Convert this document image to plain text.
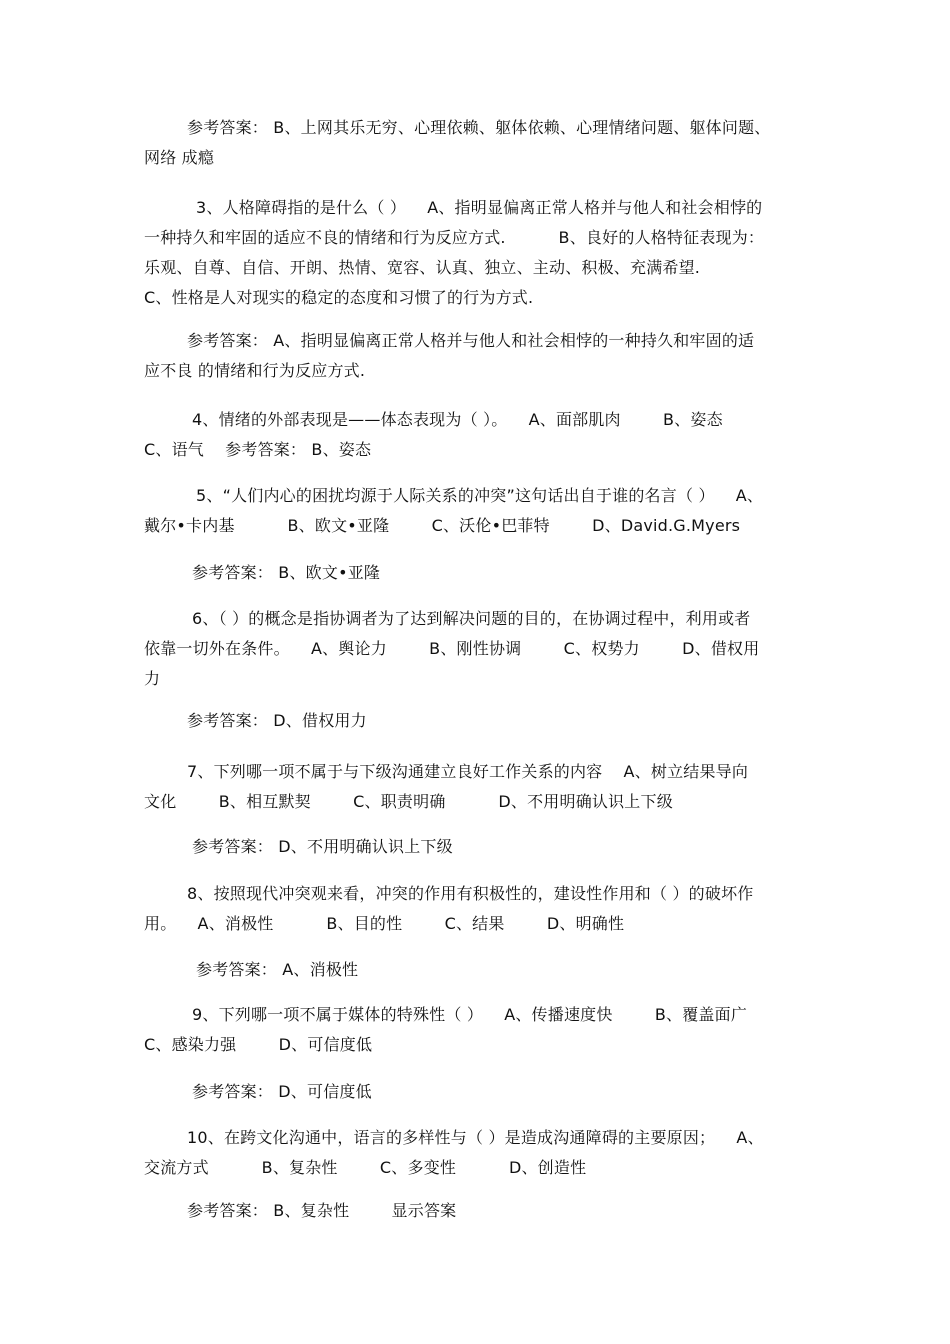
参考答案： B、上网其乐无穷、心理依赖、躯体依赖、心理情绪问题、躯体问题、
网络 成瘾
3、人格障碍指的是什么（ ）    A、指明显偏离正常人格并与他人和社会相悖的
一种持久和牢固的适应不良的情绪和行为反应方式.          B、良好的人格特征表现为：
乐观、自尊、自信、开朗、热情、宽容、认真、独立、主动、积极、充满希望.
C、性格是人对现实的稳定的态度和习惯了的行为方式.
参考答案： A、指明显偏离正常人格并与他人和社会相悖的一种持久和牢固的适
应不良 的情绪和行为反应方式.
4、情绪的外部表现是——体态表现为（ ）。    A、面部肌肉        B、姿态
C、语气    参考答案： B、姿态
5、“人们内心的困扰均源于人际关系的冲突”这句话出自于谁的名言（ ）    A、
戴尔•卡内基          B、欧文•亚隆        C、沃伦•巴菲特        D、David.G.Myers
参考答案： B、欧文•亚隆
6、（ ）的概念是指协调者为了达到解决问题的目的，在协调过程中，利用或者
依靠一切外在条件。    A、舆论力        B、刚性协调        C、权势力        D、借权用
力
参考答案： D、借权用力
7、下列哪一项不属于与下级沟通建立良好工作关系的内容    A、树立结果导向
文化        B、相互默契        C、职责明确          D、不用明确认识上下级
参考答案： D、不用明确认识上下级
8、按照现代冲突观来看，冲突的作用有积极性的，建设性作用和（ ）的破坏作
用。    A、消极性          B、目的性        C、结果        D、明确性
参考答案： A、消极性
9、下列哪一项不属于媒体的特殊性（ ）    A、传播速度快        B、覆盖面广
C、感染力强        D、可信度低
参考答案： D、可信度低
10、在跨文化沟通中，语言的多样性与（ ）是造成沟通障碍的主要原因；    A、
交流方式          B、复杂性        C、多变性          D、创造性
参考答案： B、复杂性        显示答案
